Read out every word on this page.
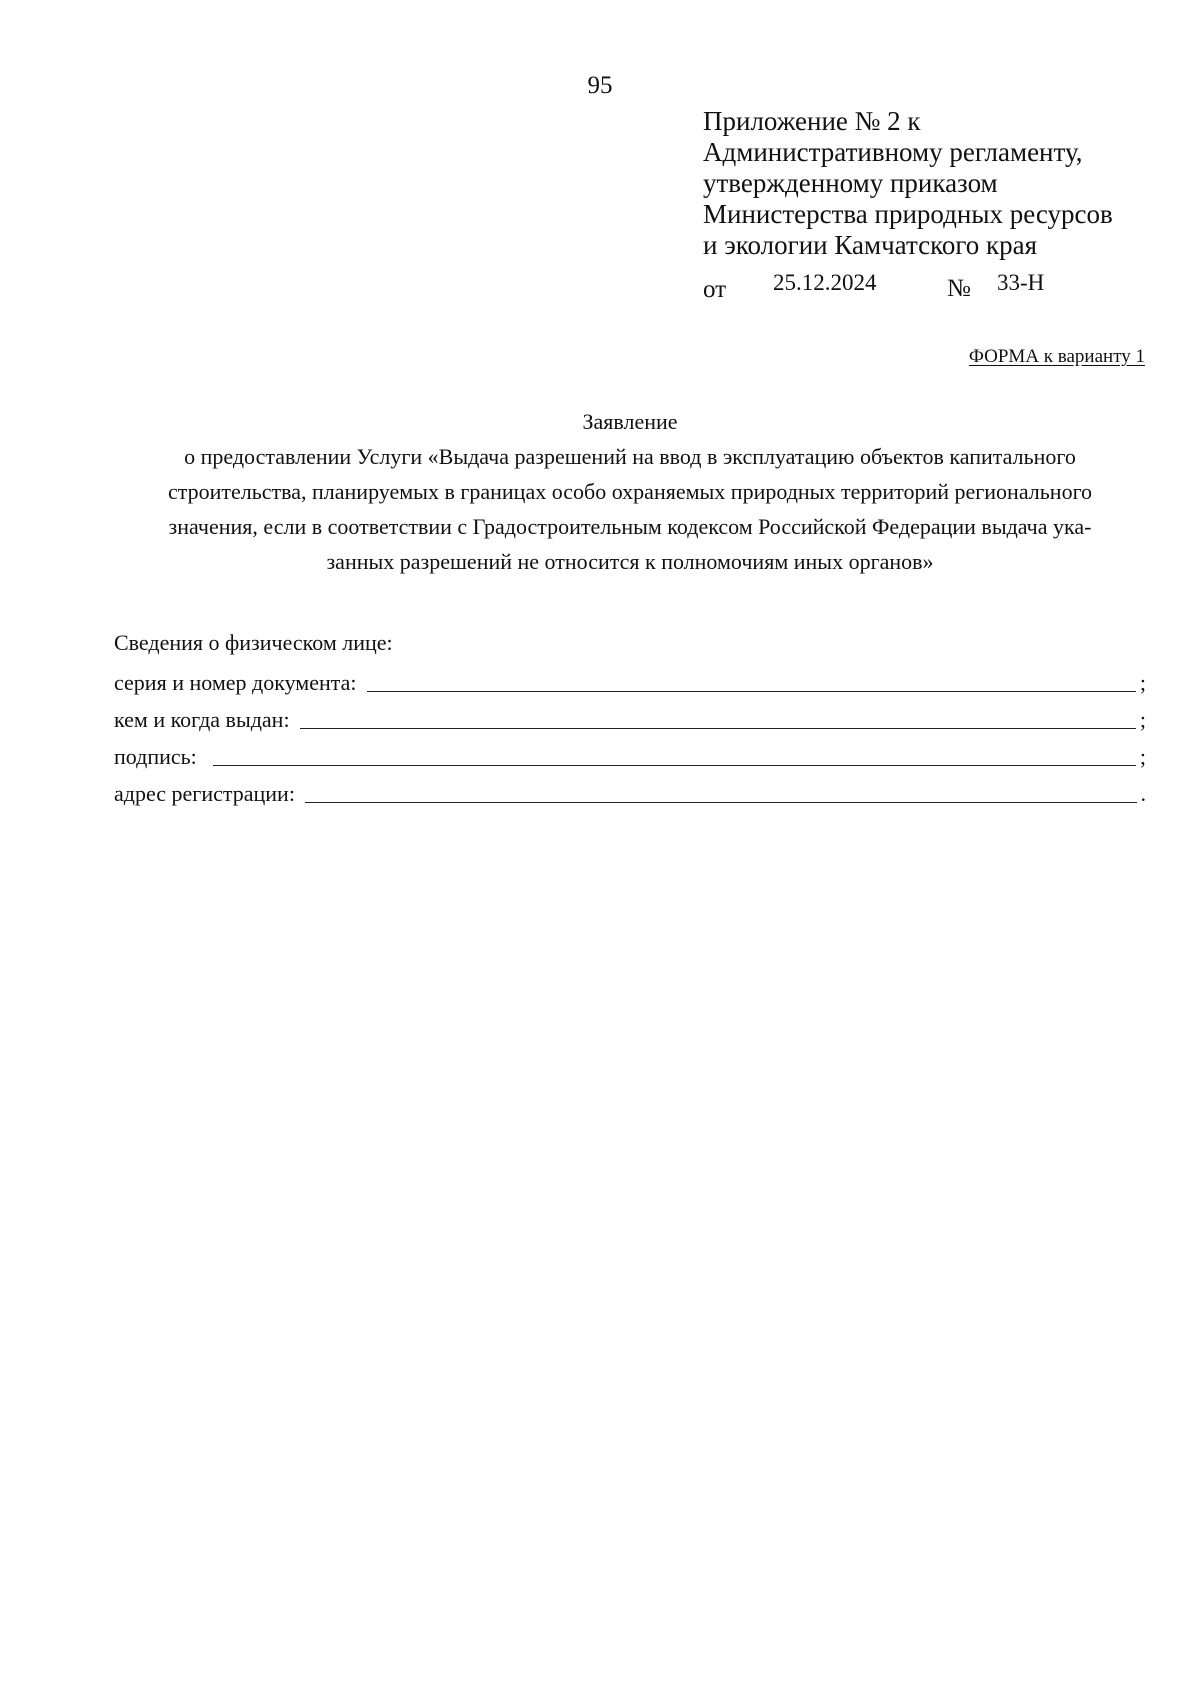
95
Приложение № 2 к
Административному регламенту,
утвержденному приказом
Министерства природных ресурсов
и экологии Камчатского края
от 25.12.2024	№ 33-Н
ФОРМА к варианту 1
Заявление
о предоставлении Услуги «Выдача разрешений на ввод в эксплуатацию объектов капитального
строительства, планируемых в границах особо охраняемых природных территорий регионального
значения, если в соответствии с Градостроительным кодексом Российской Федерации выдача ука-
занных разрешений не относится к полномочиям иных органов»
Сведения о физическом лице:
серия и номер документа:	;
кем и когда выдан:	;
подпись:	;
адрес регистрации:	.
